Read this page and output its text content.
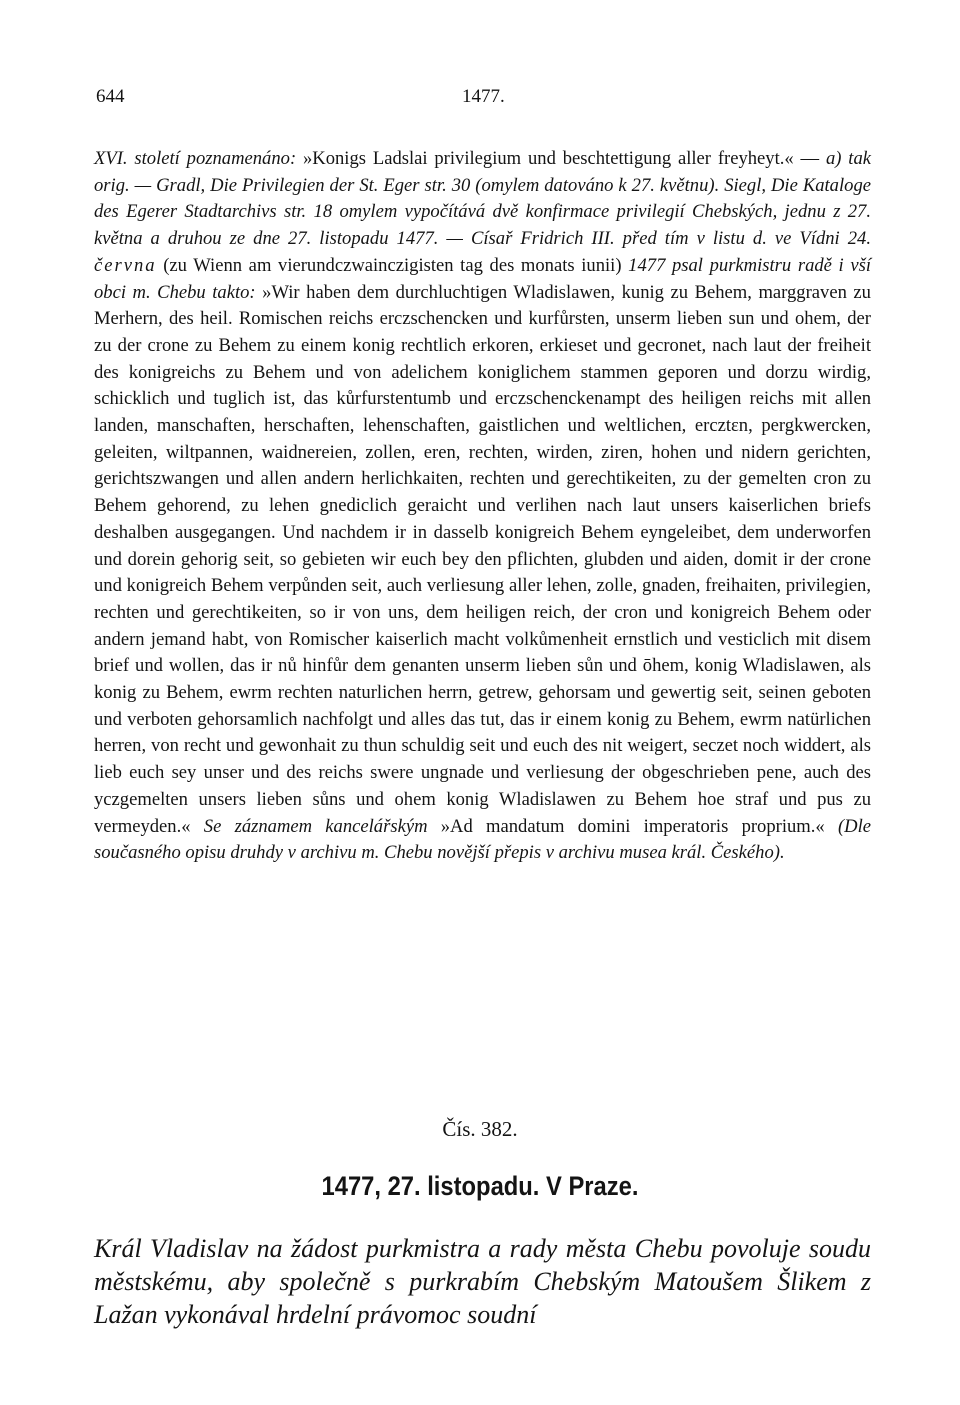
644	1477.

XVI. století poznamenáno: »Konigs Ladslai privilegium und beschtettigung aller freyheyt.« — a) tak orig. — Gradl, Die Privilegien der St. Eger str. 30 (omylem datováno k 27. květnu). Siegl, Die Kataloge des Egerer Stadtarchivs str. 18 omylem vypočítává dvě konfirmace privilegií Chebských, jednu z 27. května a druhou ze dne 27. listopadu 1477. — Císař Fridrich III. před tím v listu d. ve Vídni 24. června (zu Wienn am vierundczwainczigisten tag des monats iunii) 1477 psal purkmistru radě i vší obci m. Chebu takto: »Wir haben dem durchluchtigen Wladislawen, kunig zu Behem, marggraven zu Merhern, des heil. Romischen reichs erczschencken und kurfůrsten, unserm lieben sun und ohem, der zu der crone zu Behem zu einem konig rechtlich erkoren, erkieset und gecronet, nach laut der freiheit des konigreichs zu Behem und von adelichem koniglichem stammen geporen und dorzu wirdig, schicklich und tuglich ist, das kůrfurstentumb und erczschenckenampt des heiligen reichs mit allen landen, manschaften, herschaften, lehenschaften, gaistlichen und weltlichen, ercztεn, pergkwercken, geleiten, wiltpannen, waidnereien, zollen, eren, rechten, wirden, ziren, hohen und nidern gerichten, gerichtszwangen und allen andern herlichkaiten, rechten und gerechtikeiten, zu der gemelten cron zu Behem gehorend, zu lehen gnediclich geraicht und verlihen nach laut unsers kaiserlichen briefs deshalben ausgegangen. Und nachdem ir in dasselb konigreich Behem eyngeleibet, dem underworfen und dorein gehorig seit, so gebieten wir euch bey den pflichten, glubden und aiden, domit ir der crone und konigreich Behem verpůnden seit, auch verliesung aller lehen, zolle, gnaden, freihaiten, privilegien, rechten und gerechtikeiten, so ir von uns, dem heiligen reich, der cron und konigreich Behem oder andern jemand habt, von Romischer kaiserlich macht volkůmenheit ernstlich und vesticlich mit disem brief und wollen, das ir nů hinfůr dem genanten unserm lieben sůn und ōhem, konig Wladislawen, als konig zu Behem, ewrm rechten naturlichen herrn, getrew, gehorsam und gewertig seit, seinen geboten und verboten gehorsamlich nachfolgt und alles das tut, das ir einem konig zu Behem, ewrm natürlichen herren, von recht und gewonhait zu thun schuldig seit und euch des nit weigert, seczet noch widdert, als lieb euch sey unser und des reichs swere ungnade und verliesung der obgeschrieben pene, auch des yczgemelten unsers lieben sůns und ohem konig Wladislawen zu Behem hoe straf und pus zu vermeyden.« Se záznamem kancelářským »Ad mandatum domini imperatoris proprium.« (Dle současného opisu druhdy v archivu m. Chebu novější přepis v archivu musea král. Českého).

Čís. 382.
1477, 27. listopadu. V Praze.

Král Vladislav na žádost purkmistra a rady města Chebu povoluje soudu městskému, aby společně s purkrabím Chebským Matoušem Šlikem z Lažan vykonával hrdelní právomoc soudní
